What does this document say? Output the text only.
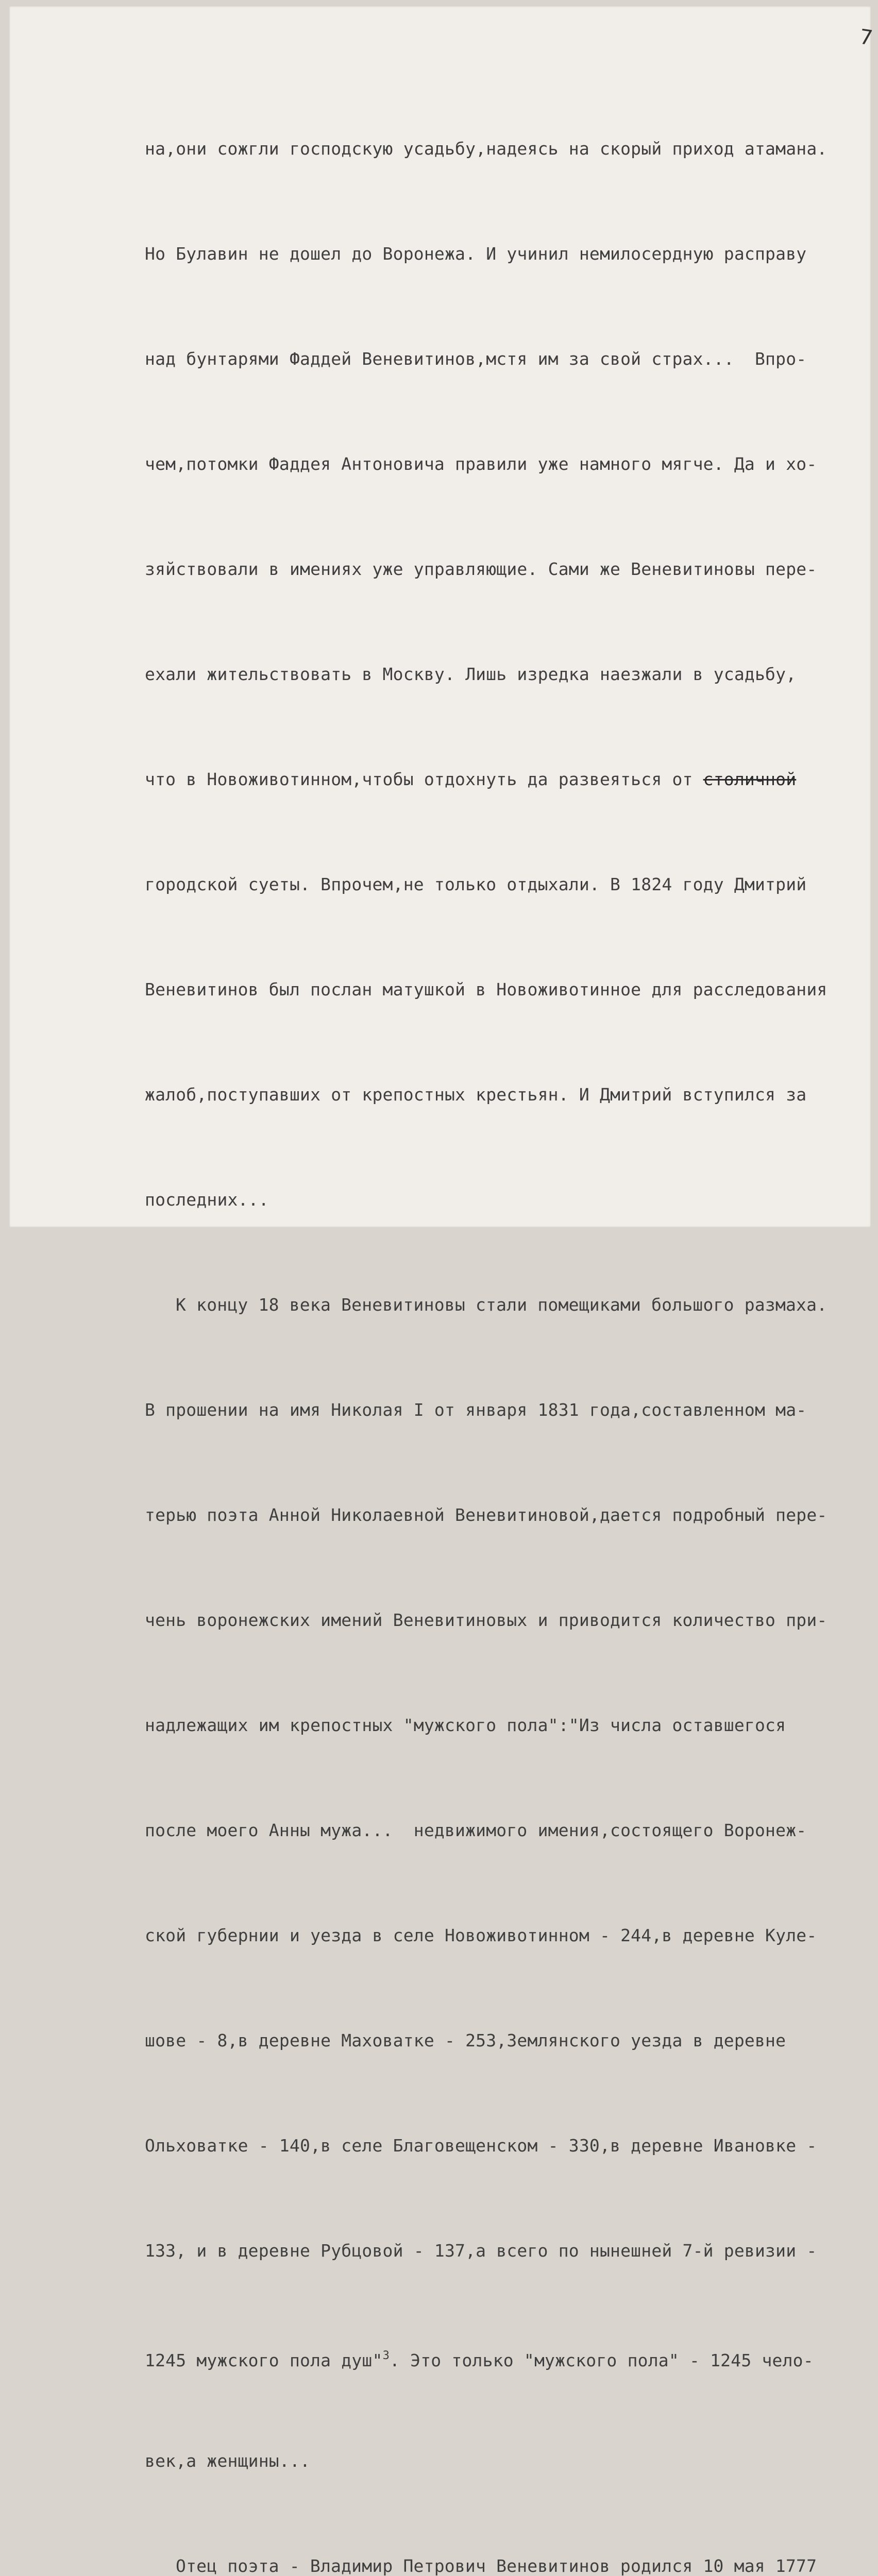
7

на,они сожгли господскую усадьбу,надеясь на скорый приход атамана.

Но Булавин не дошел до Воронежа. И учинил немилосердную расправу

над бунтарями Фаддей Веневитинов,мстя им за свой страх...  Впро-

чем,потомки Фаддея Антоновича правили уже намного мягче. Да и хо-

зяйствовали в имениях уже управляющие. Сами же Веневитиновы пере-

ехали жительствовать в Москву. Лишь изредка наезжали в усадьбу,

что в Новоживотинном,чтобы отдохнуть да развеяться от столичной

городской суеты. Впрочем,не только отдыхали. В 1824 году Дмитрий

Веневитинов был послан матушкой в Новоживотинное для расследования

жалоб,поступавших от крепостных крестьян. И Дмитрий вступился за

последних...

К концу 18 века Веневитиновы стали помещиками большого размаха.

В прошении на имя Николая I от января 1831 года,составленном ма-

терью поэта Анной Николаевной Веневитиновой,дается подробный пере-

чень воронежских имений Веневитиновых и приводится количество при-

надлежащих им крепостных "мужского пола":"Из числа оставшегося

после моего Анны мужа...  недвижимого имения,состоящего Воронеж-

ской губернии и уезда в селе Новоживотинном - 244,в деревне Куле-

шове - 8,в деревне Маховатке - 253,Землянского уезда в деревне

Ольховатке - 140,в селе Благовещенском - 330,в деревне Ивановке -

133, и в деревне Рубцовой - 137,а всего по нынешней 7-й ревизии -

1245 мужского пола душ"$^3$. Это только "мужского пола" - 1245 чело-

век,а женщины...

Отец поэта - Владимир Петрович Веневитинов родился 10 мая 1777
